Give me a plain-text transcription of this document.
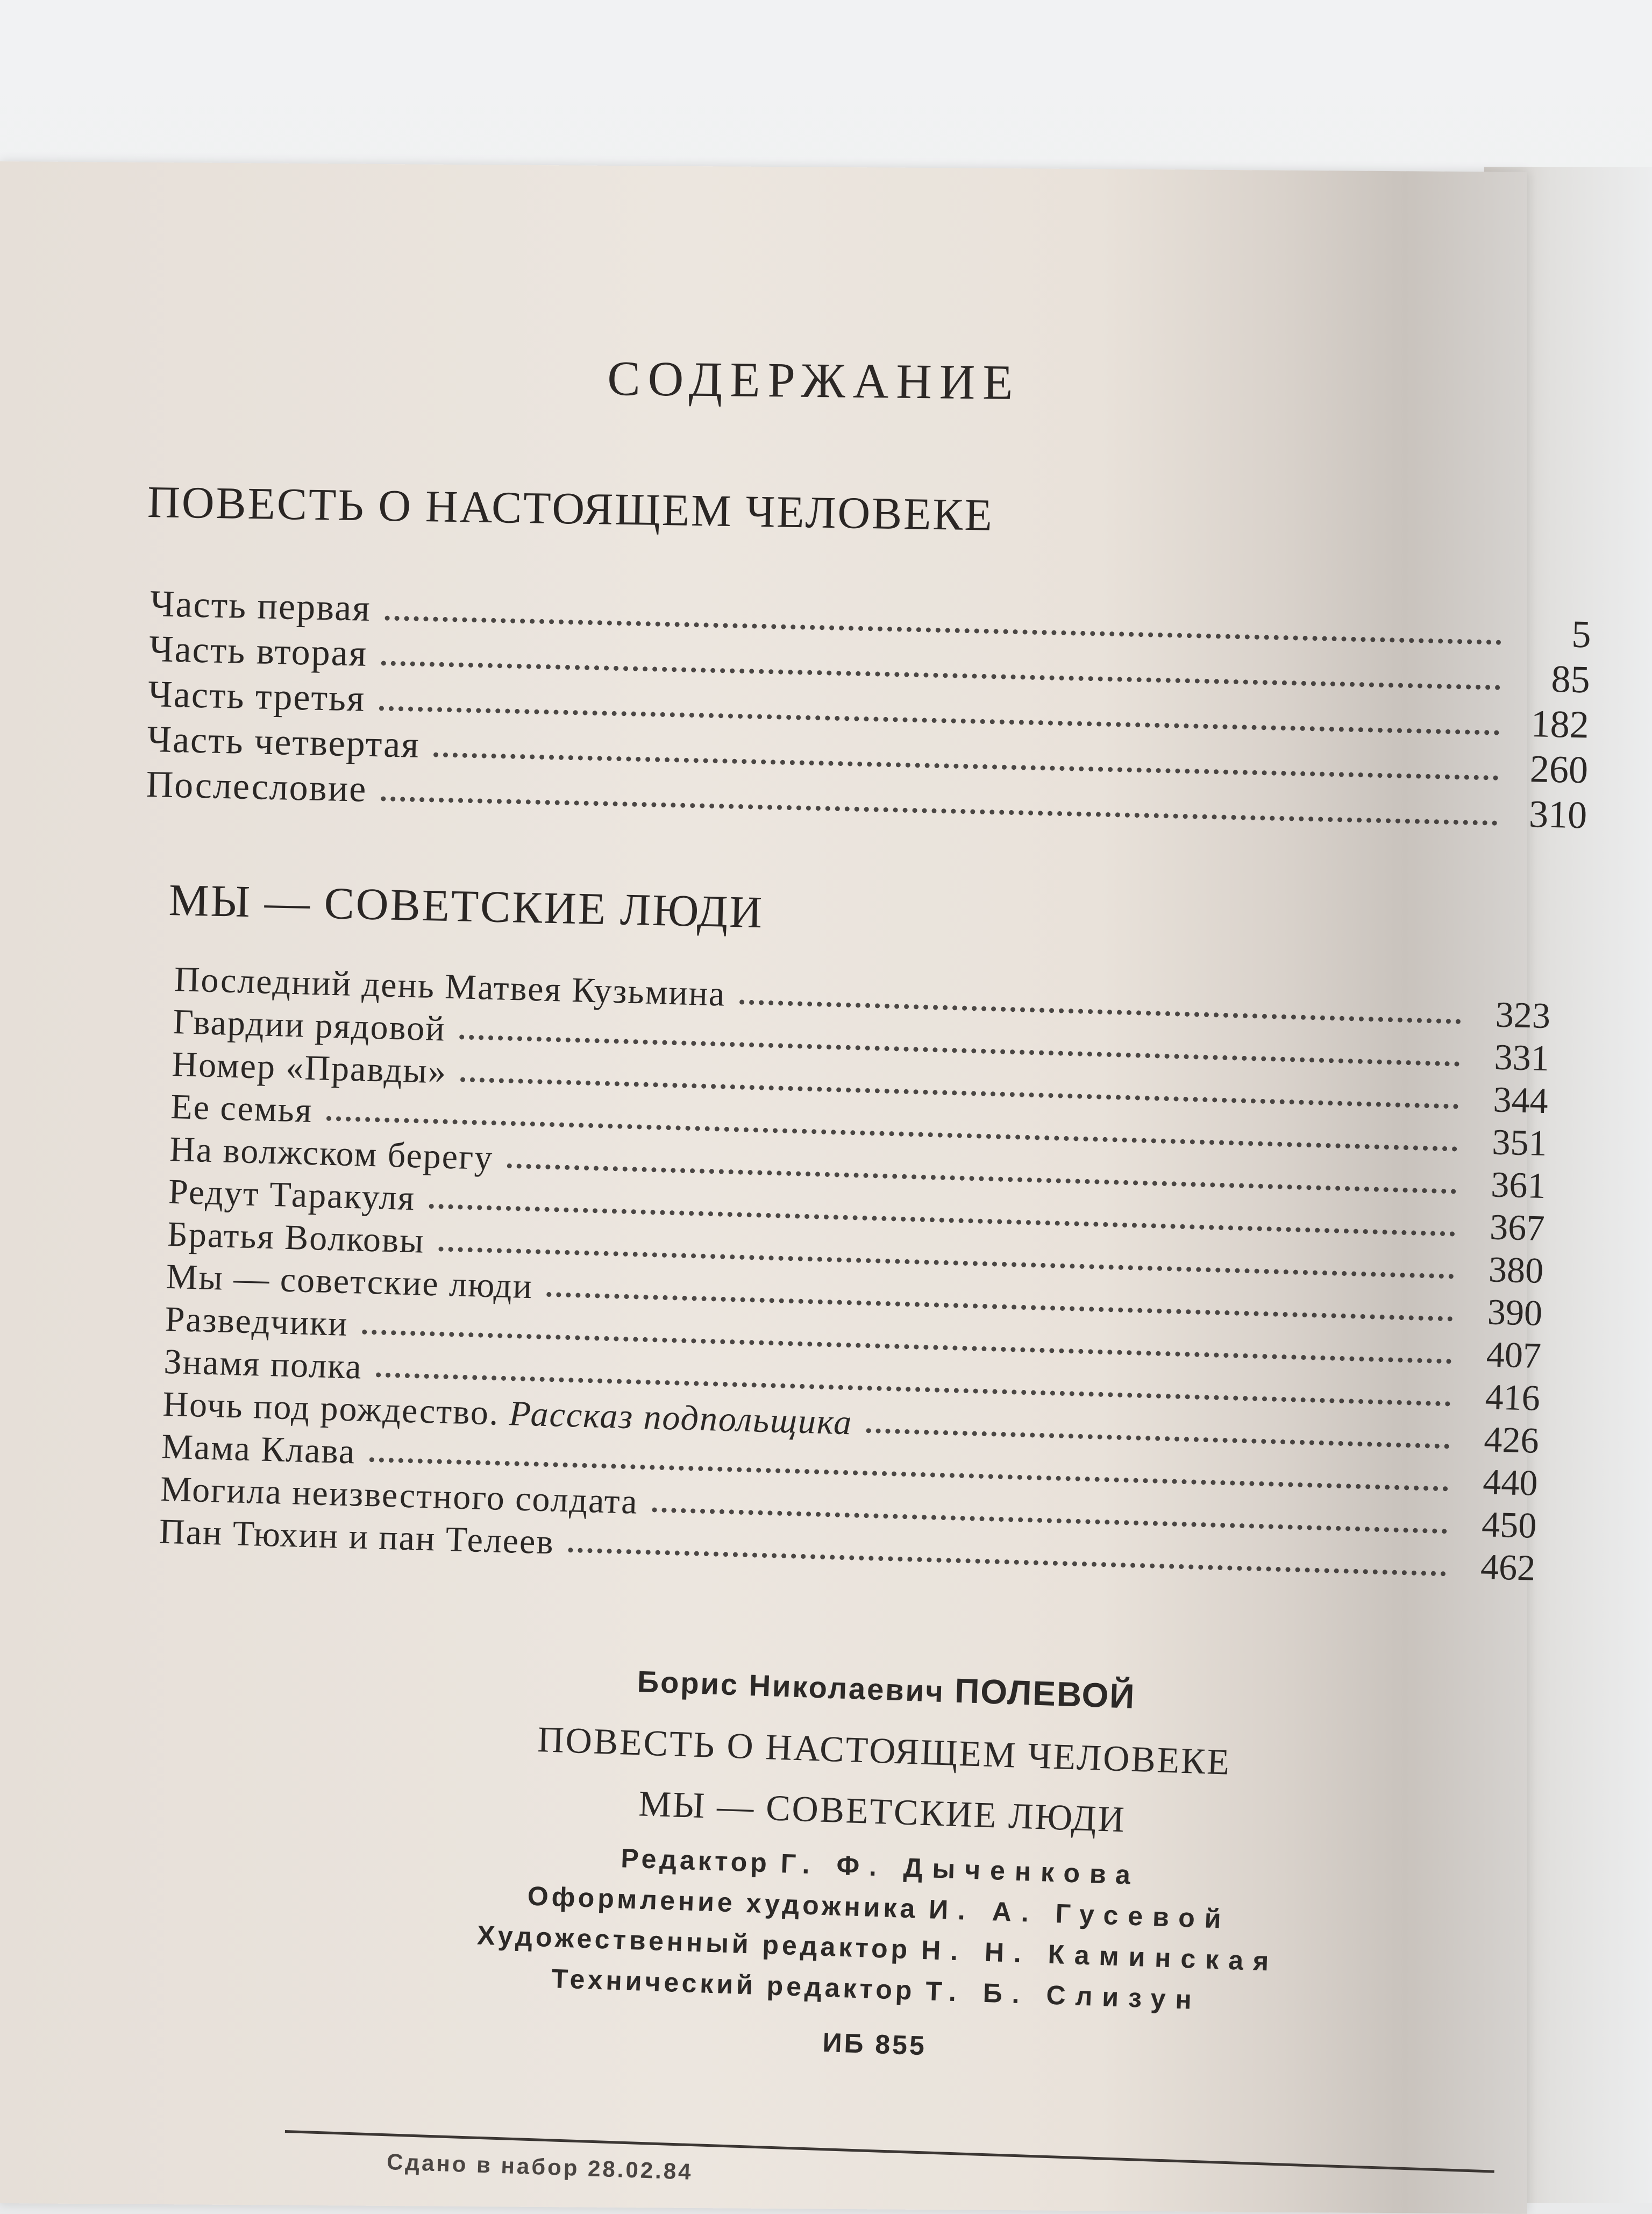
СОДЕРЖАНИЕ
ПОВЕСТЬ О НАСТОЯЩЕМ ЧЕЛОВЕКЕ
Часть первая
5
Часть вторая
85
Часть третья
182
Часть четвертая
260
Послесловие
310
МЫ — СОВЕТСКИЕ ЛЮДИ
Последний день Матвея Кузьмина
323
Гвардии рядовой
331
Номер «Правды»
344
Ее семья
351
На волжском берегу
361
Редут Таракуля
367
Братья Волковы
380
Мы — советские люди
390
Разведчики
407
Знамя полка
416
Ночь под рождество. Рассказ подпольщика	426
Мама Клава
440
Могила неизвестного солдата
450
Пан Тюхин и пан Телеев
462
Борис Николаевич ПОЛЕВОЙ
ПОВЕСТЬ О НАСТОЯЩЕМ ЧЕЛОВЕКЕ
МЫ — СОВЕТСКИЕ ЛЮДИ
Редактор Г. Ф. Дыченкова
Оформление художника И. А. Гусевой
Художественный редактор Н. Н. Каминская
Технический редактор Т. Б. Слизун
ИБ 855
Сдано в набор 28.02.84
